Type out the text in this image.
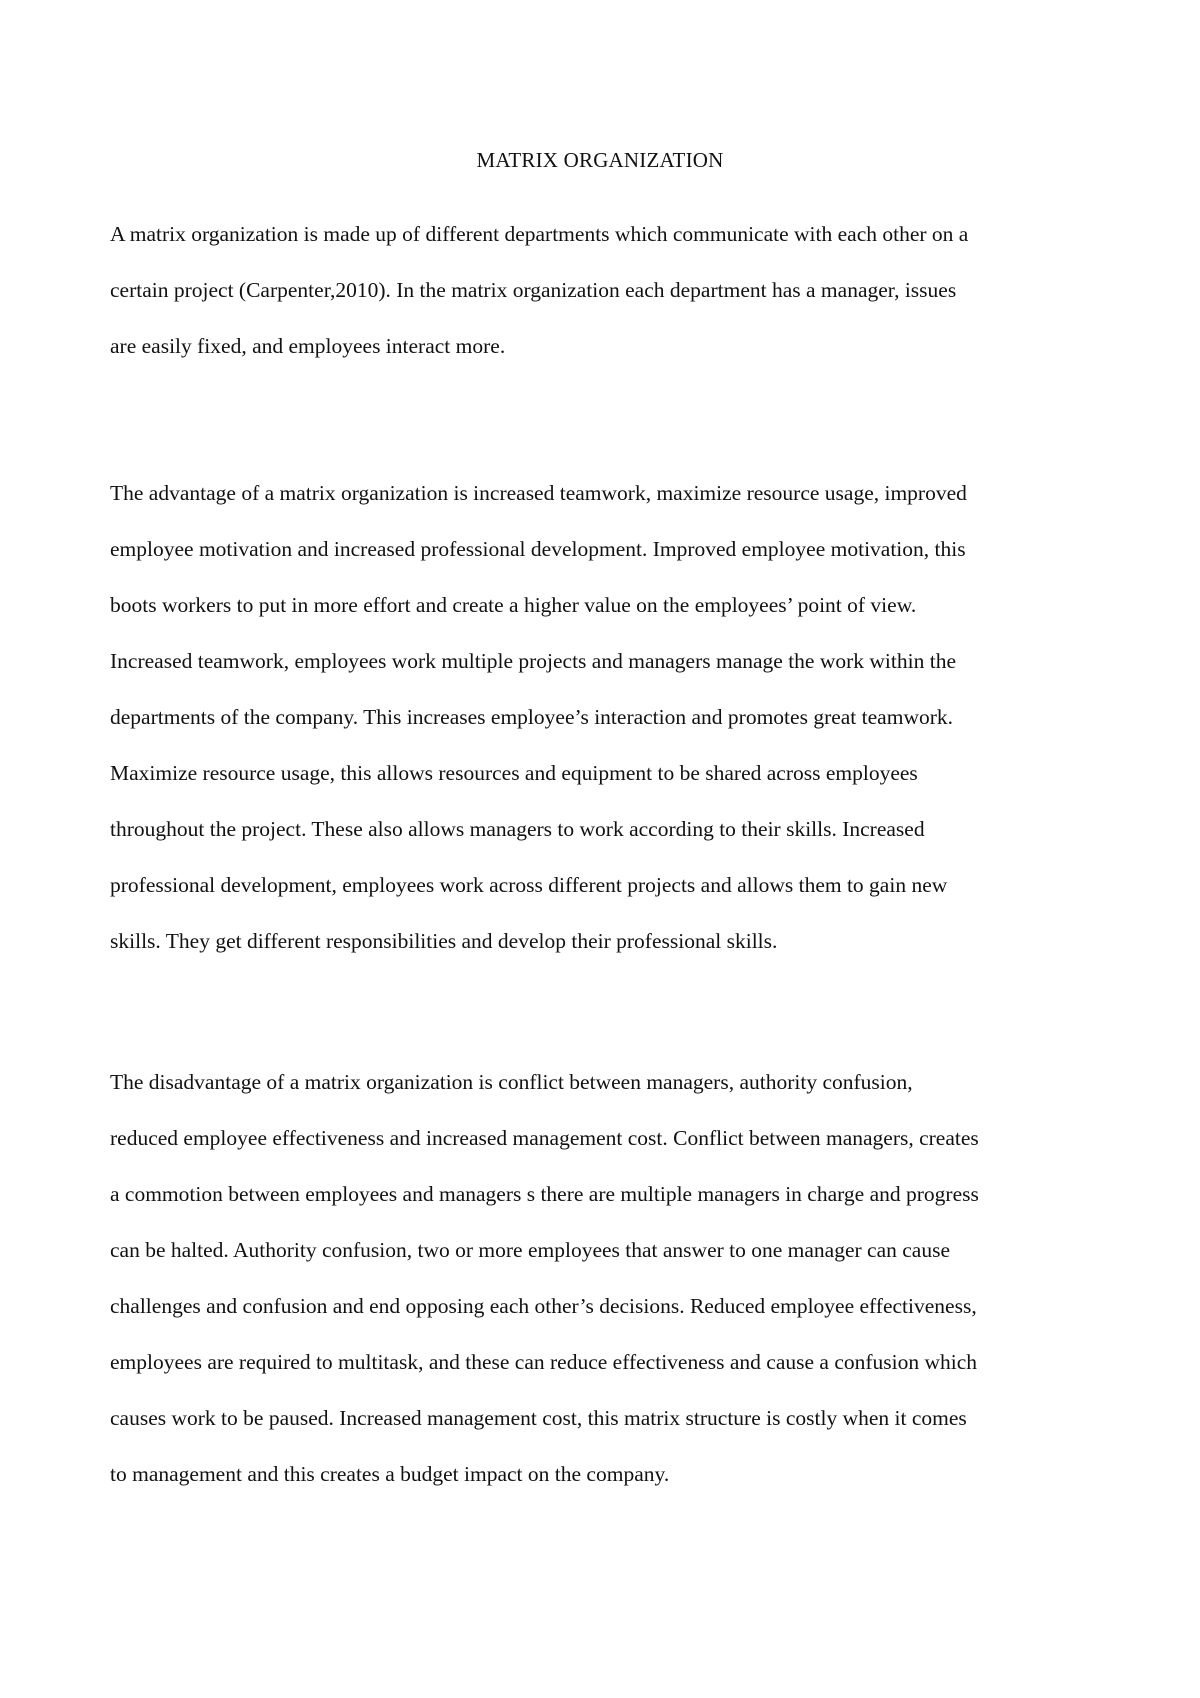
MATRIX ORGANIZATION
A matrix organization is made up of different departments which communicate with each other on a
certain project (Carpenter,2010). In the matrix organization each department has a manager, issues
are easily fixed, and employees interact more.
The advantage of a matrix organization is increased teamwork, maximize resource usage, improved
employee motivation and increased professional development. Improved employee motivation, this
boots workers to put in more effort and create a higher value on the employees’ point of view.
Increased teamwork, employees work multiple projects and managers manage the work within the
departments of the company. This increases employee’s interaction and promotes great teamwork.
Maximize resource usage, this allows resources and equipment to be shared across employees
throughout the project. These also allows managers to work according to their skills. Increased
professional development, employees work across different projects and allows them to gain new
skills. They get different responsibilities and develop their professional skills.
The disadvantage of a matrix organization is conflict between managers, authority confusion,
reduced employee effectiveness and increased management cost. Conflict between managers, creates
a commotion between employees and managers s there are multiple managers in charge and progress
can be halted. Authority confusion, two or more employees that answer to one manager can cause
challenges and confusion and end opposing each other’s decisions. Reduced employee effectiveness,
employees are required to multitask, and these can reduce effectiveness and cause a confusion which
causes work to be paused. Increased management cost, this matrix structure is costly when it comes
to management and this creates a budget impact on the company.
